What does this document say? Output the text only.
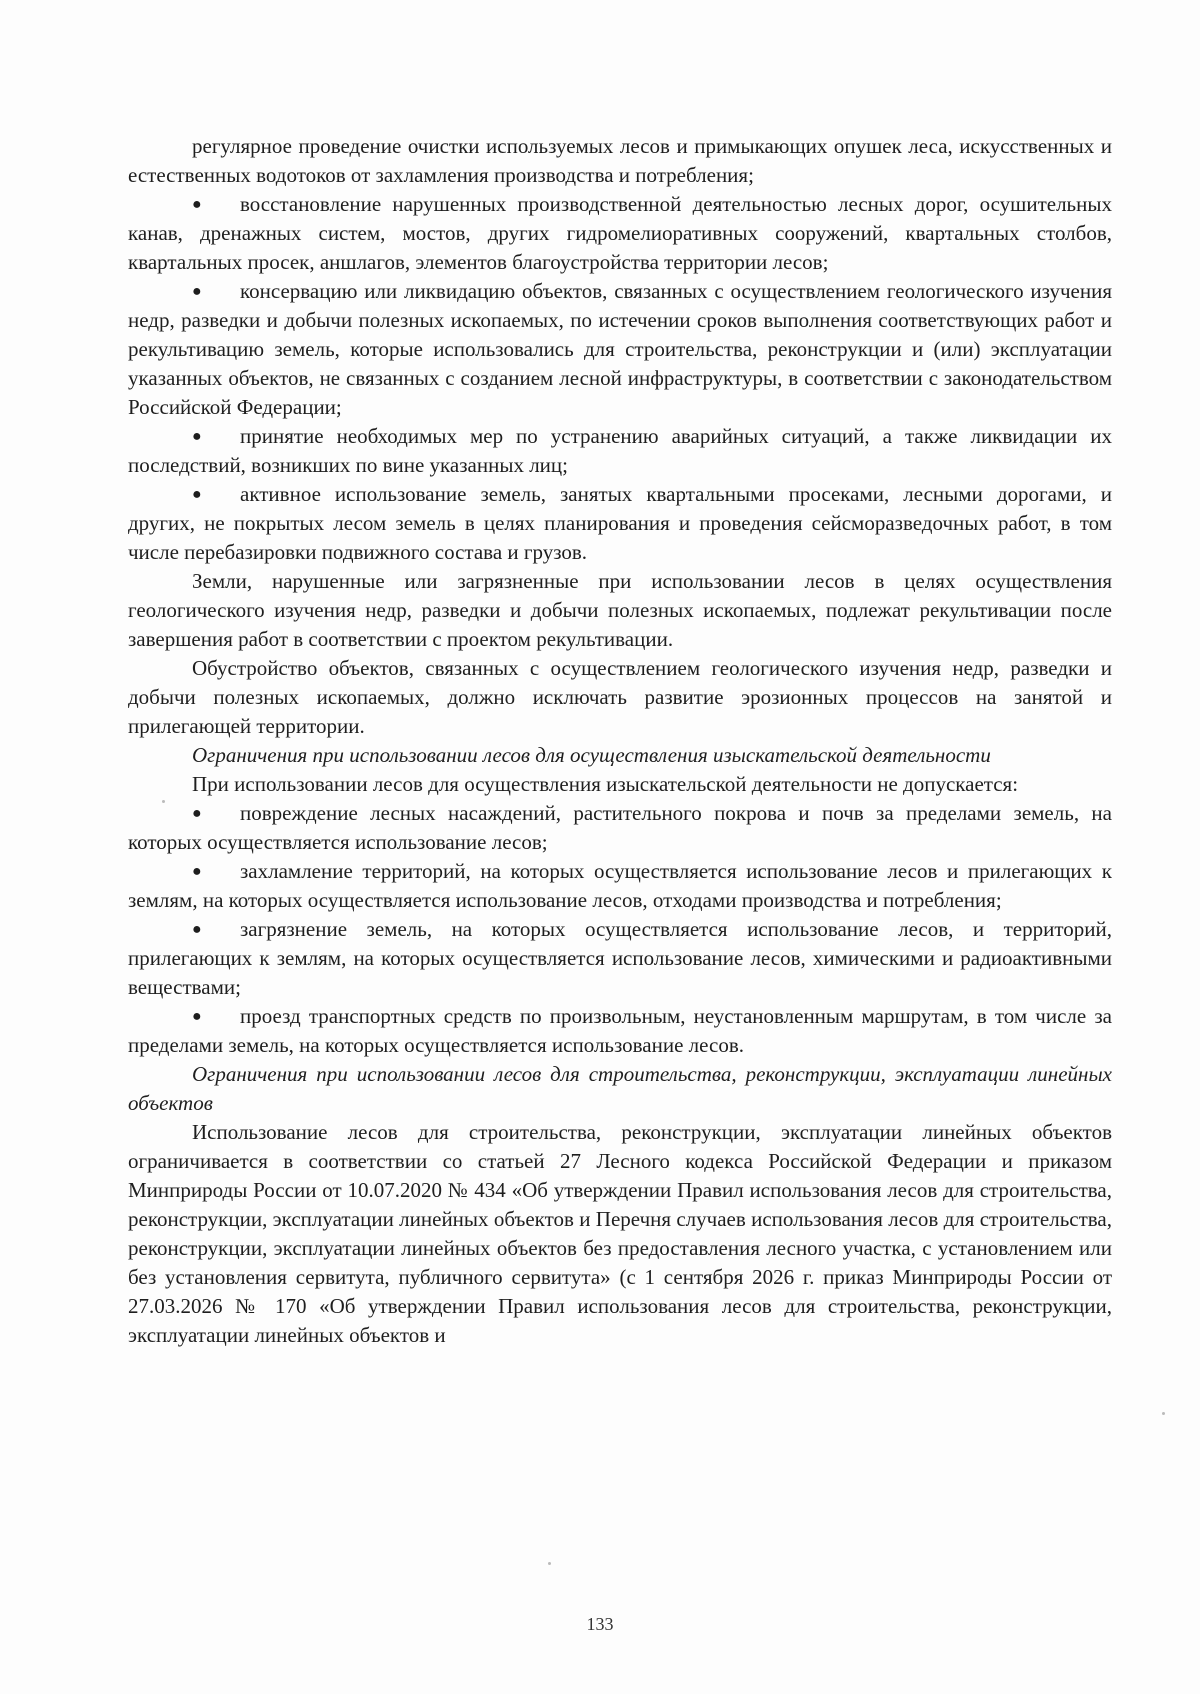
регулярное проведение очистки используемых лесов и примыкающих опушек леса, искусственных и естественных водотоков от захламления производства и потребления;

● восстановление нарушенных производственной деятельностью лесных дорог, осушительных канав, дренажных систем, мостов, других гидромелиоративных сооружений, квартальных столбов, квартальных просек, аншлагов, элементов благоустройства территории лесов;

● консервацию или ликвидацию объектов, связанных с осуществлением геологического изучения недр, разведки и добычи полезных ископаемых, по истечении сроков выполнения соответствующих работ и рекультивацию земель, которые использовались для строительства, реконструкции и (или) эксплуатации указанных объектов, не связанных с созданием лесной инфраструктуры, в соответствии с законодательством Российской Федерации;

● принятие необходимых мер по устранению аварийных ситуаций, а также ликвидации их последствий, возникших по вине указанных лиц;

● активное использование земель, занятых квартальными просеками, лесными дорогами, и других, не покрытых лесом земель в целях планирования и проведения сейсморазведочных работ, в том числе перебазировки подвижного состава и грузов.

Земли, нарушенные или загрязненные при использовании лесов в целях осуществления геологического изучения недр, разведки и добычи полезных ископаемых, подлежат рекультивации после завершения работ в соответствии с проектом рекультивации.

Обустройство объектов, связанных с осуществлением геологического изучения недр, разведки и добычи полезных ископаемых, должно исключать развитие эрозионных процессов на занятой и прилегающей территории.

Ограничения при использовании лесов для осуществления изыскательской деятельности

При использовании лесов для осуществления изыскательской деятельности не допускается:

● повреждение лесных насаждений, растительного покрова и почв за пределами земель, на которых осуществляется использование лесов;

● захламление территорий, на которых осуществляется использование лесов и прилегающих к землям, на которых осуществляется использование лесов, отходами производства и потребления;

● загрязнение земель, на которых осуществляется использование лесов, и территорий, прилегающих к землям, на которых осуществляется использование лесов, химическими и радиоактивными веществами;

● проезд транспортных средств по произвольным, неустановленным маршрутам, в том числе за пределами земель, на которых осуществляется использование лесов.

Ограничения при использовании лесов для строительства, реконструкции, эксплуатации линейных объектов

Использование лесов для строительства, реконструкции, эксплуатации линейных объектов ограничивается в соответствии со статьей 27 Лесного кодекса Российской Федерации и приказом Минприроды России от 10.07.2020 № 434 «Об утверждении Правил использования лесов для строительства, реконструкции, эксплуатации линейных объектов и Перечня случаев использования лесов для строительства, реконструкции, эксплуатации линейных объектов без предоставления лесного участка, с установлением или без установления сервитута, публичного сервитута» (с 1 сентября 2026 г. приказ Минприроды России от 27.03.2026 № 170 «Об утверждении Правил использования лесов для строительства, реконструкции, эксплуатации линейных объектов и

133
